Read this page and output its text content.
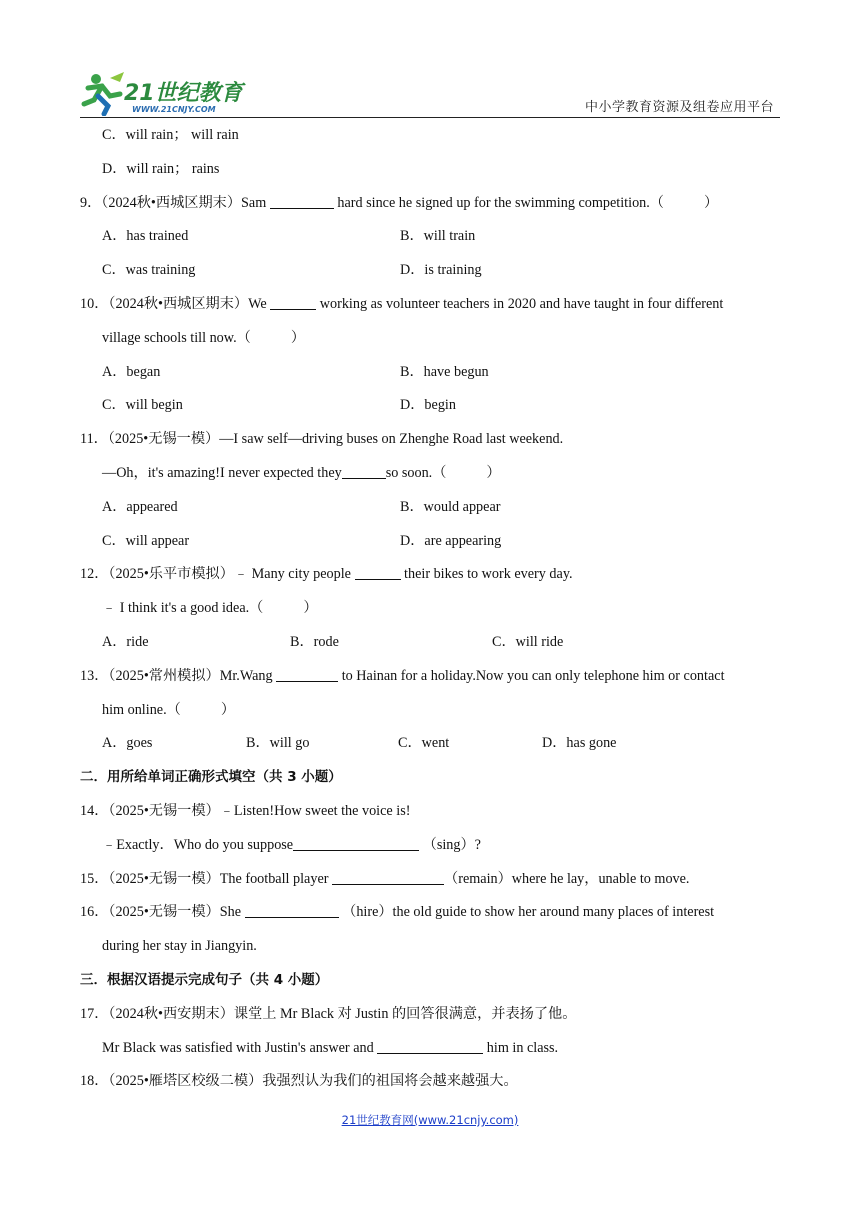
21世纪教育
WWW.21CNJY.COM	中小学教育资源及组卷应用平台
C．will rain； will rain
D．will rain； rains
9．（2024秋•西城区期末）Sam	hard since he signed up for the swimming competition.（	）
A．has trained	B．will train
C．was training	D．is training
10．（2024秋•西城区期末）We	working as volunteer teachers in 2020 and have taught in four different
village schools till now.（	）
A．began	B．have begun
C．will begin	D．begin
11．（2025•无锡一模）—I saw self—driving buses on Zhenghe Road last weekend.
—Oh，it's amazing!I never expected they	so soon.（	）
A．appeared	B．would appear
C．will appear	D．are appearing
12．（2025•乐平市模拟）﹣ Many city people	their bikes to work every day.
﹣ I think it's a good idea.（	）
A．ride	B．rode	C．will ride
13．（2025•常州模拟）Mr.Wang	to Hainan for a holiday.Now you can only telephone him or contact
him online.（	）
A．goes	B．will go	C．went	D．has gone
二．用所给单词正确形式填空（共 3 小题）
14．（2025•无锡一模）﹣Listen!How sweet the voice is!
﹣Exactly．Who do you suppose	（sing）?
15．（2025•无锡一模）The football player	（remain）where he lay，unable to move.
16．（2025•无锡一模）She	（hire）the old guide to show her around many places of interest
during her stay in Jiangyin.
三．根据汉语提示完成句子（共 4 小题）
17．（2024秋•西安期末）课堂上 Mr Black 对 Justin 的回答很满意，并表扬了他。
Mr Black was satisfied with Justin's answer and	him in class.
18．（2025•雁塔区校级二模）我强烈认为我们的祖国将会越来越强大。
21世纪教育网(www.21cnjy.com)
